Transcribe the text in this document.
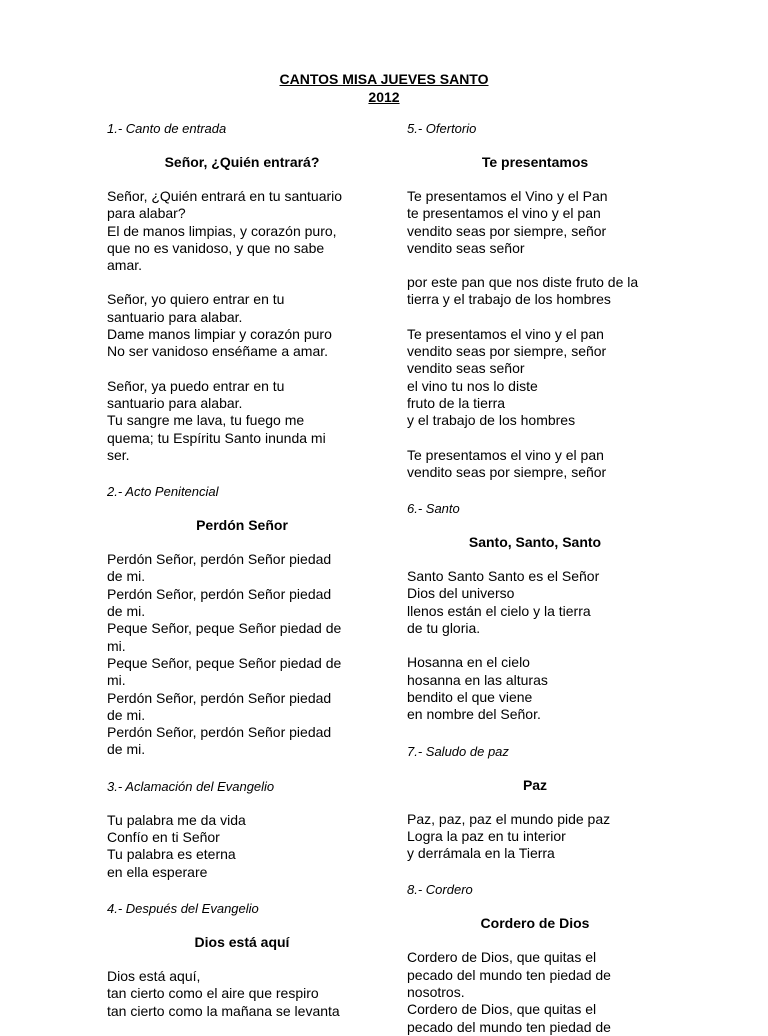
CANTOS MISA JUEVES SANTO
2012

1.- Canto de entrada

Señor, ¿Quién entrará?

Señor, ¿Quién entrará en tu santuario

para alabar?

El de manos limpias, y corazón puro,

que no es vanidoso, y que no sabe

amar.

Señor, yo quiero entrar en tu

santuario para alabar.

Dame manos limpiar y corazón puro

No ser vanidoso enséñame a amar.

Señor, ya puedo entrar en tu

santuario para alabar.

Tu sangre me lava, tu fuego me

quema; tu Espíritu Santo inunda mi

ser.

2.- Acto Penitencial

Perdón Señor

Perdón Señor, perdón Señor piedad

de mi.

Perdón Señor, perdón Señor piedad

de mi.

Peque Señor, peque Señor piedad de

mi.

Peque Señor, peque Señor piedad de

mi.

Perdón Señor, perdón Señor piedad

de mi.

Perdón Señor, perdón Señor piedad

de mi.

3.- Aclamación del Evangelio

Tu palabra me da vida

Confío en ti Señor

Tu palabra es eterna

en ella esperare

4.- Después del Evangelio

Dios está aquí

Dios está aquí,

tan cierto como el aire que respiro

tan cierto como la mañana se levanta

5.- Ofertorio

Te presentamos

Te presentamos el Vino y el Pan

te presentamos el vino y el pan

vendito seas por siempre, señor

vendito seas señor

por este pan que nos diste fruto de la

tierra y el trabajo de los hombres

Te presentamos el vino y el pan

vendito seas por siempre, señor

vendito seas señor

el vino tu nos lo diste

fruto de la tierra

y el trabajo de los hombres

Te presentamos el vino y el pan

vendito seas por siempre, señor

6.- Santo

Santo, Santo, Santo

Santo Santo Santo es el Señor

Dios del universo

llenos están el cielo y la tierra

de tu gloria.

Hosanna en el cielo

hosanna en las alturas

bendito el que viene

en nombre del Señor.

7.- Saludo de paz

Paz

Paz, paz, paz el mundo pide paz

Logra la paz en tu interior

y derrámala en la Tierra

8.- Cordero

Cordero de Dios

Cordero de Dios, que quitas el

pecado del mundo ten piedad de

nosotros.

Cordero de Dios, que quitas el

pecado del mundo ten piedad de
